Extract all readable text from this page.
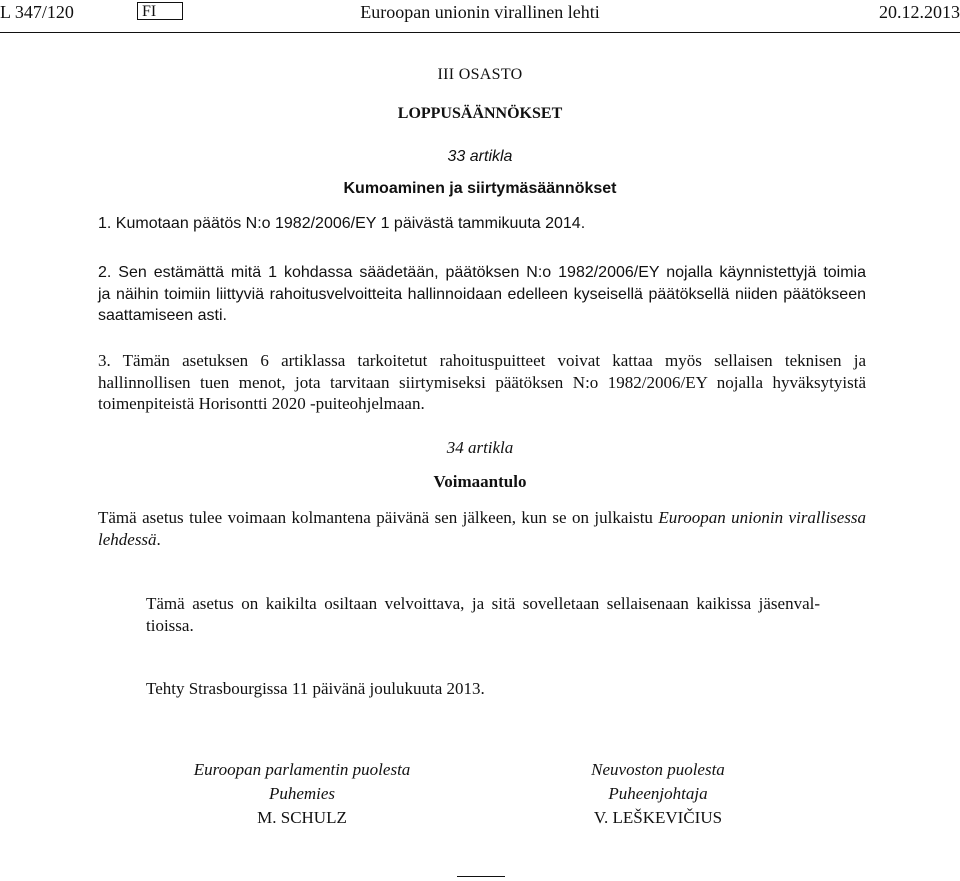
L 347/120	FI	Euroopan unionin virallinen lehti	20.12.2013
III OSASTO
LOPPUSÄÄNNÖKSET
33 artikla
Kumoaminen ja siirtymäsäännökset
1. Kumotaan päätös N:o 1982/2006/EY 1 päivästä tammikuuta 2014.
2. Sen estämättä mitä 1 kohdassa säädetään, päätöksen N:o 1982/2006/EY nojalla käynnistettyjä toimia
ja näihin toimiin liittyviä rahoitusvelvoitteita hallinnoidaan edelleen kyseisellä päätöksellä niiden päätökseen
saattamiseen asti.
3. Tämän asetuksen 6 artiklassa tarkoitetut rahoituspuitteet voivat kattaa myös sellaisen teknisen ja
hallinnollisen tuen menot, jota tarvitaan siirtymiseksi päätöksen N:o 1982/2006/EY nojalla hyväksytyistä
toimenpiteistä Horisontti 2020 -puiteohjelmaan.
34 artikla
Voimaantulo
Tämä asetus tulee voimaan kolmantena päivänä sen jälkeen, kun se on julkaistu Euroopan unionin virallisessa
lehdessä.
Tämä asetus on kaikilta osiltaan velvoittava, ja sitä sovelletaan sellaisenaan kaikissa jäsenval-
tioissa.
Tehty Strasbourgissa 11 päivänä joulukuuta 2013.
Euroopan parlamentin puolesta
Puhemies
M. SCHULZ
Neuvoston puolesta
Puheenjohtaja
V. LEŠKEVIČIUS
